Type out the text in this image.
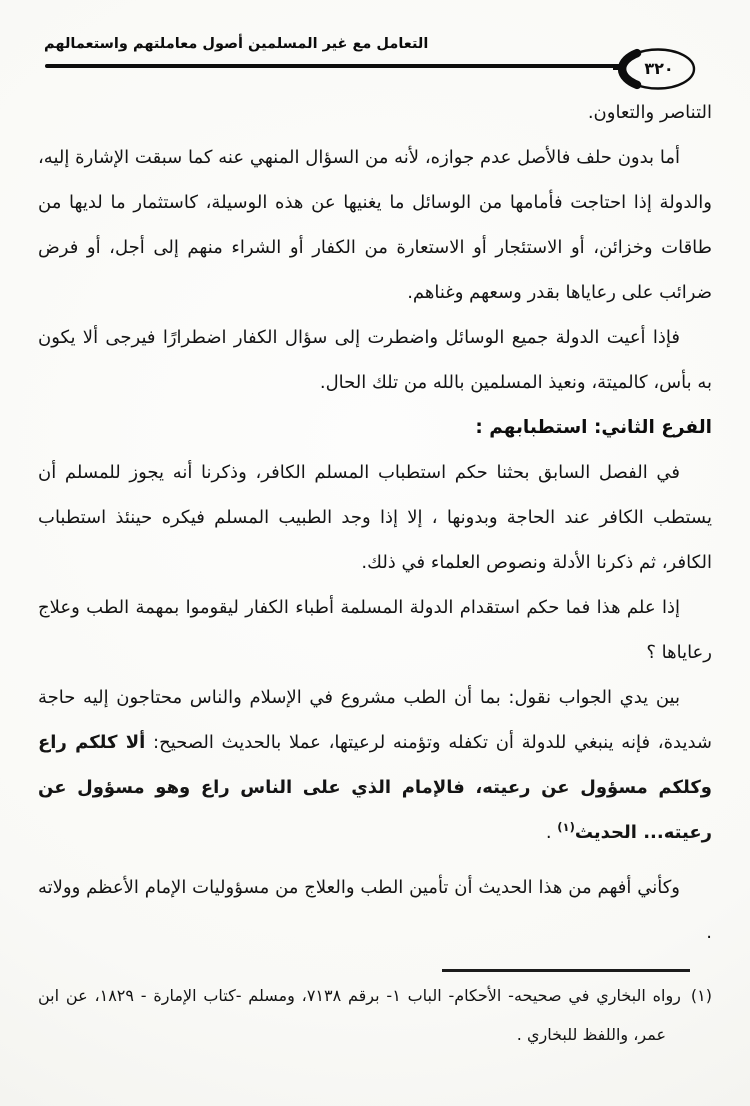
التعامل مع غير المسلمين أصول معاملتهم واستعمالهم
٣٢٠

التناصر والتعاون.

أما بدون حلف فالأصل عدم جوازه، لأنه من السؤال المنهي عنه كما سبقت الإشارة إليه، والدولة إذا احتاجت فأمامها من الوسائل ما يغنيها عن هذه الوسيلة، كاستثمار ما لديها من طاقات وخزائن، أو الاستئجار أو الاستعارة من الكفار أو الشراء منهم إلى أجل، أو فرض ضرائب على رعاياها بقدر وسعهم وغناهم.

فإذا أعيت الدولة جميع الوسائل واضطرت إلى سؤال الكفار اضطرارًا فيرجى ألا يكون به بأس، كالميتة، ونعيذ المسلمين بالله من تلك الحال.

الفرع الثاني: استطبابهم :

في الفصل السابق بحثنا حكم استطباب المسلم الكافر، وذكرنا أنه يجوز للمسلم أن يستطب الكافر عند الحاجة وبدونها ، إلا إذا وجد الطبيب المسلم فيكره حينئذ استطباب الكافر، ثم ذكرنا الأدلة ونصوص العلماء في ذلك.

إذا علم هذا فما حكم استقدام الدولة المسلمة أطباء الكفار ليقوموا بمهمة الطب وعلاج رعاياها ؟

بين يدي الجواب نقول: بما أن الطب مشروع في الإسلام والناس محتاجون إليه حاجة شديدة، فإنه ينبغي للدولة أن تكفله وتؤمنه لرعيتها، عملا بالحديث الصحيح: ألا كلكم راع وكلكم مسؤول عن رعيته، فالإمام الذي على الناس راع وهو مسؤول عن رعيته... الحديث$^{(١)}$ .

وكأني أفهم من هذا الحديث أن تأمين الطب والعلاج من مسؤوليات الإمام الأعظم وولاته .

(١)رواه البخاري في صحيحه- الأحكام- الباب ١- برقم ٧١٣٨، ومسلم -كتاب الإمارة - ١٨٢٩، عن ابن عمر، واللفظ للبخاري .
